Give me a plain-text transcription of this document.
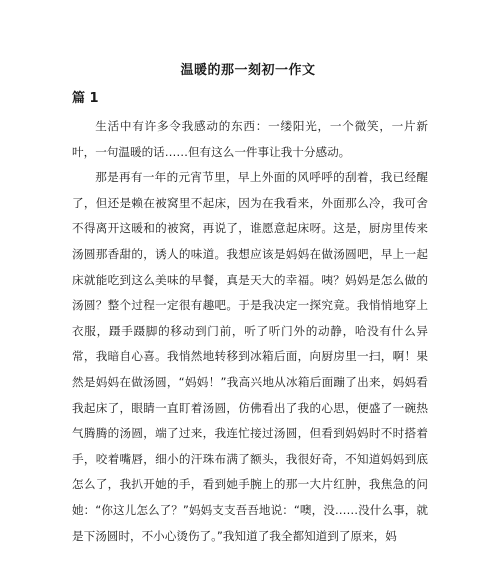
温暖的那一刻初一作文
篇 1

生活中有许多令我感动的东西：一缕阳光，一个微笑，一片新叶，一句温暖的话……但有这么一件事让我十分感动。

那是再有一年的元宵节里，早上外面的风呼呼的刮着，我已经醒了，但还是赖在被窝里不起床，因为在我看来，外面那么冷，我可舍不得离开这暖和的被窝，再说了，谁愿意起床呀。这是，厨房里传来汤圆那香甜的，诱人的味道。我想应该是妈妈在做汤圆吧，早上一起床就能吃到这么美味的早餐，真是天大的幸福。咦？妈妈是怎么做的汤圆？整个过程一定很有趣吧。于是我决定一探究竟。我悄悄地穿上衣服，蹑手蹑脚的移动到门前，听了听门外的动静，哈没有什么异常，我暗自心喜。我悄然地转移到冰箱后面，向厨房里一扫，啊！果然是妈妈在做汤圆，“妈妈！”我高兴地从冰箱后面蹦了出来，妈妈看我起床了，眼睛一直盯着汤圆，仿佛看出了我的心思，便盛了一碗热气腾腾的汤圆，端了过来，我连忙接过汤圆，但看到妈妈时不时搭着手，咬着嘴唇，细小的汗珠布满了额头，我很好奇，不知道妈妈到底怎么了，我扒开她的手，看到她手腕上的那一大片红肿，我焦急的问她：“你这儿怎么了？”妈妈支支吾吾地说：“噢，没……没什么事，就是下汤圆时，不小心烫伤了。”我知道了我全都知道到了原来，妈
